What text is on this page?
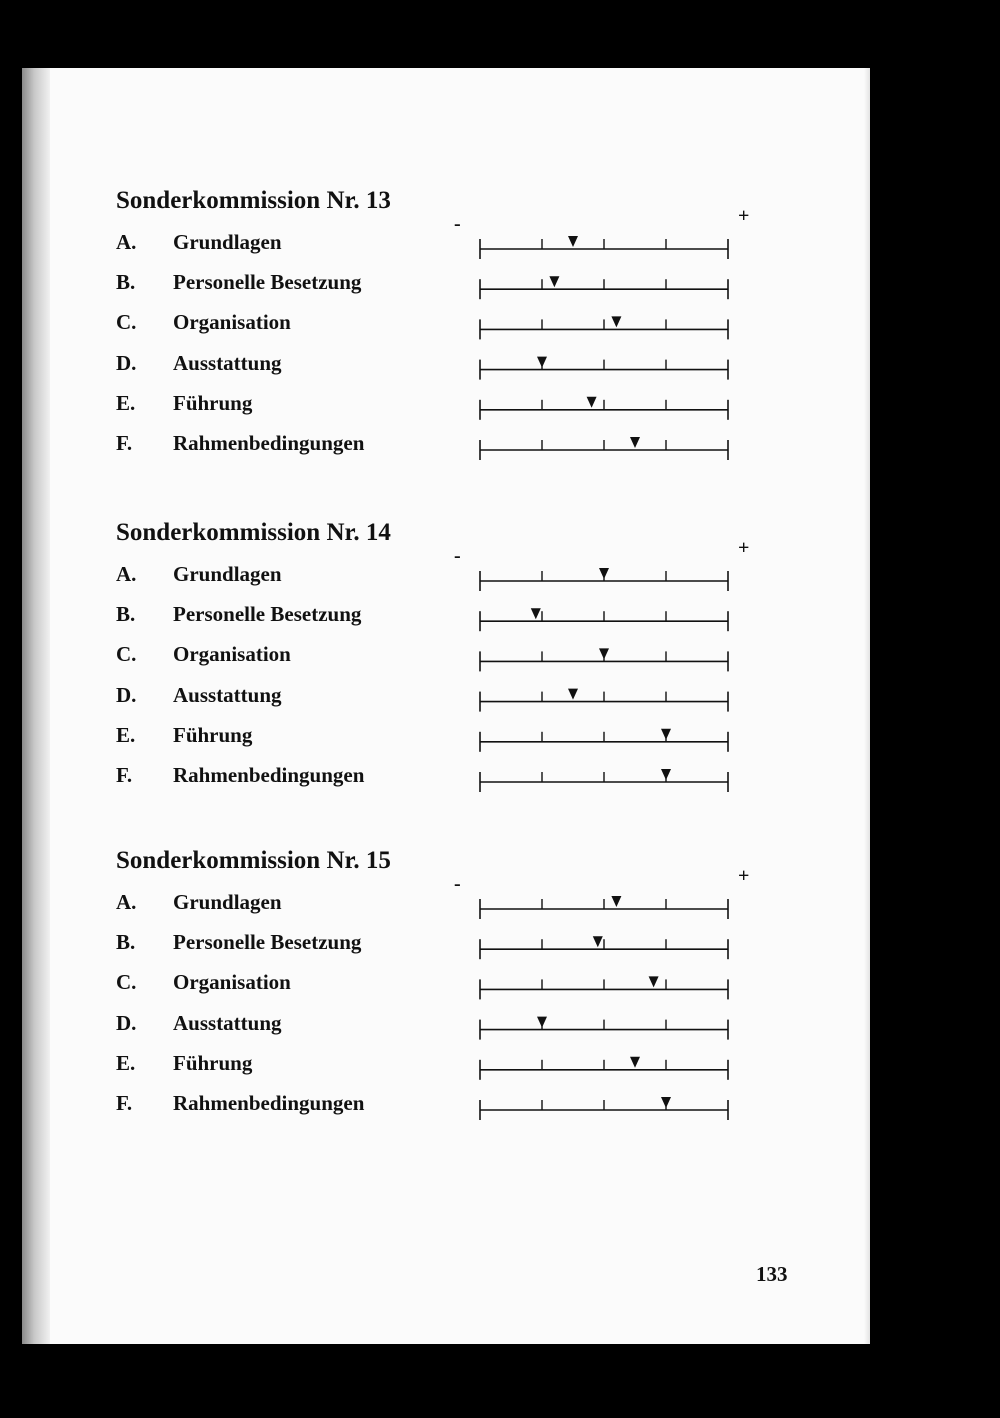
Sonderkommission Nr. 13
-	+
A. Grundlagen
B. Personelle Besetzung
C. Organisation
D. Ausstattung
E. Führung
F. Rahmenbedingungen
Sonderkommission Nr. 14
-	+
A. Grundlagen
B. Personelle Besetzung
C. Organisation
D. Ausstattung
E. Führung
F. Rahmenbedingungen
Sonderkommission Nr. 15
-	+
A. Grundlagen
B. Personelle Besetzung
C. Organisation
D. Ausstattung
E. Führung
F. Rahmenbedingungen
133
